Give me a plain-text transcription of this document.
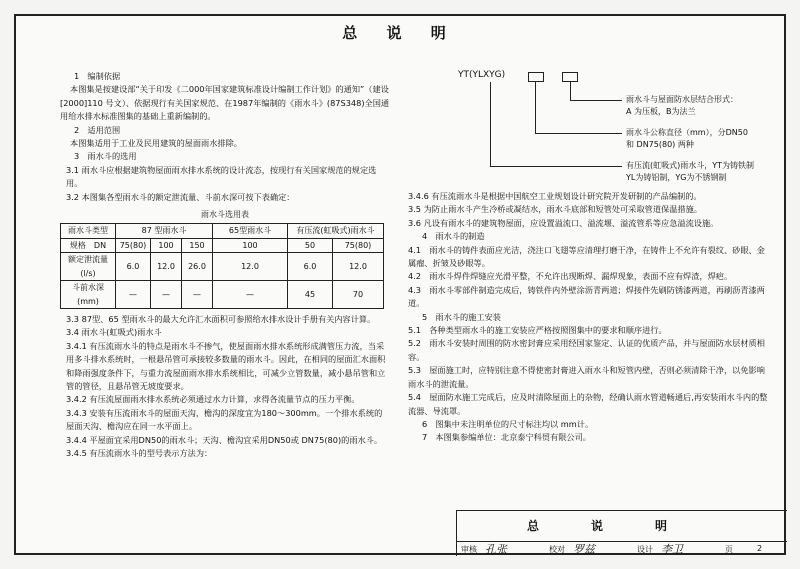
总 说 明

1　编制依据

本图集是按建设部“关于印发《二000年国家建筑标准设计编制工作计划》的通知”（建设[2000]110 号文）、依据现行有关国家规范、在1987年编制的《雨水斗》(87S348)全国通用给水排水标准图集的基础上重新编制的。

2　适用范围

本图集适用于工业及民用建筑的屋面雨水排除。

3　雨水斗的选用

3.1 雨水斗应根据建筑物屋面雨水排水系统的设计流态，按现行有关国家规范的规定选用。

3.2 本图集各型雨水斗的额定泄流量、斗前水深可按下表确定：

雨水斗选用表
雨水斗类型	87 型雨水斗			65型雨水斗	有压流(虹吸式)雨水斗	
规格　DN	75(80)	100	150	100	50	75(80)
额定泄流量 (l/s)	6.0	12.0	26.0	12.0	6.0	12.0
斗前水深 (mm)	—	—	—	—	45	70

3.3 87型、65 型雨水斗的最大允许汇水面积可参照给水排水设计手册有关内容计算。

3.4 雨水斗(虹吸式)雨水斗

3.4.1 有压流雨水斗的特点是雨水斗不掺气，使屋面雨水排水系统形成满管压力流，当采用多斗排水系统时，一根悬吊管可承接较多数量的雨水斗。因此，在相同的屋面汇水面积和降雨强度条件下，与重力流屋面雨水排水系统相比，可减少立管数量，减小悬吊管和立管的管径，且悬吊管无坡度要求。

3.4.2 有压流屋面雨水排水系统必须通过水力计算，求得各流量节点的压力平衡。

3.4.3 安装有压流雨水斗的屋面天沟，檐沟的深度宜为180～300mm。一个排水系统的屋面天沟、檐沟应在同一水平面上。

3.4.4 平屋面宜采用DN50的雨水斗；天沟、檐沟宜采用DN50或 DN75(80)的雨水斗。

3.4.5 有压流雨水斗的型号表示方法为：

YT(YLXYG)
雨水斗与屋面防水层结合形式：
A 为压板，B为法兰
雨水斗公称直径（mm），分DN50
和 DN75(80) 两种
有压流(虹吸式)雨水斗，YT为铸铁制
YL为铸铝制，YG为不锈钢制

3.4.6 有压流雨水斗是根据中国航空工业规划设计研究院开发研制的产品编制的。

3.5 为防止雨水斗产生冷桥或凝结水，雨水斗底部和短管处可采取管道保温措施。

3.6 凡设有雨水斗的建筑物屋面，应设置溢流口、溢流堰、溢流管系等应急溢流设施。

4　雨水斗的制造

4.1　雨水斗的铸件表面应光洁，浇注口飞翅等应清理打磨干净，在铸件上不允许有裂纹、砂眼、金属瘤、折皱及砂眼等。

4.2　雨水斗焊件焊缝应光滑平整，不允许出现断焊、漏焊现象，表面不应有焊渣，焊疤。

4.3　雨水斗零部件制造完成后，铸铁件内外壁涂沥青两道；焊接件先刷防锈漆两道，再刷沥青漆两道。

5　雨水斗的施工安装

5.1　各种类型雨水斗的施工安装应严格按照图集中的要求和顺序进行。

5.2　雨水斗安装时周围的防水密封膏应采用经国家鉴定、认证的优质产品，并与屋面防水层材质相容。

5.3　屋面施工时，应特别注意不得使密封膏进入雨水斗和短管内壁，否则必须清除干净，以免影响雨水斗的泄流量。

5.4　屋面防水施工完成后，应及时清除屋面上的杂物，经确认雨水管道畅通后,再安装雨水斗内的整流器、导流罩。

6　图集中未注明单位的尺寸标注均以 mm计。

7　本图集参编单位：北京泰宁科贸有限公司。

总　说　明
审核 孔张	校对 罗兹	设计 李卫	页	2
